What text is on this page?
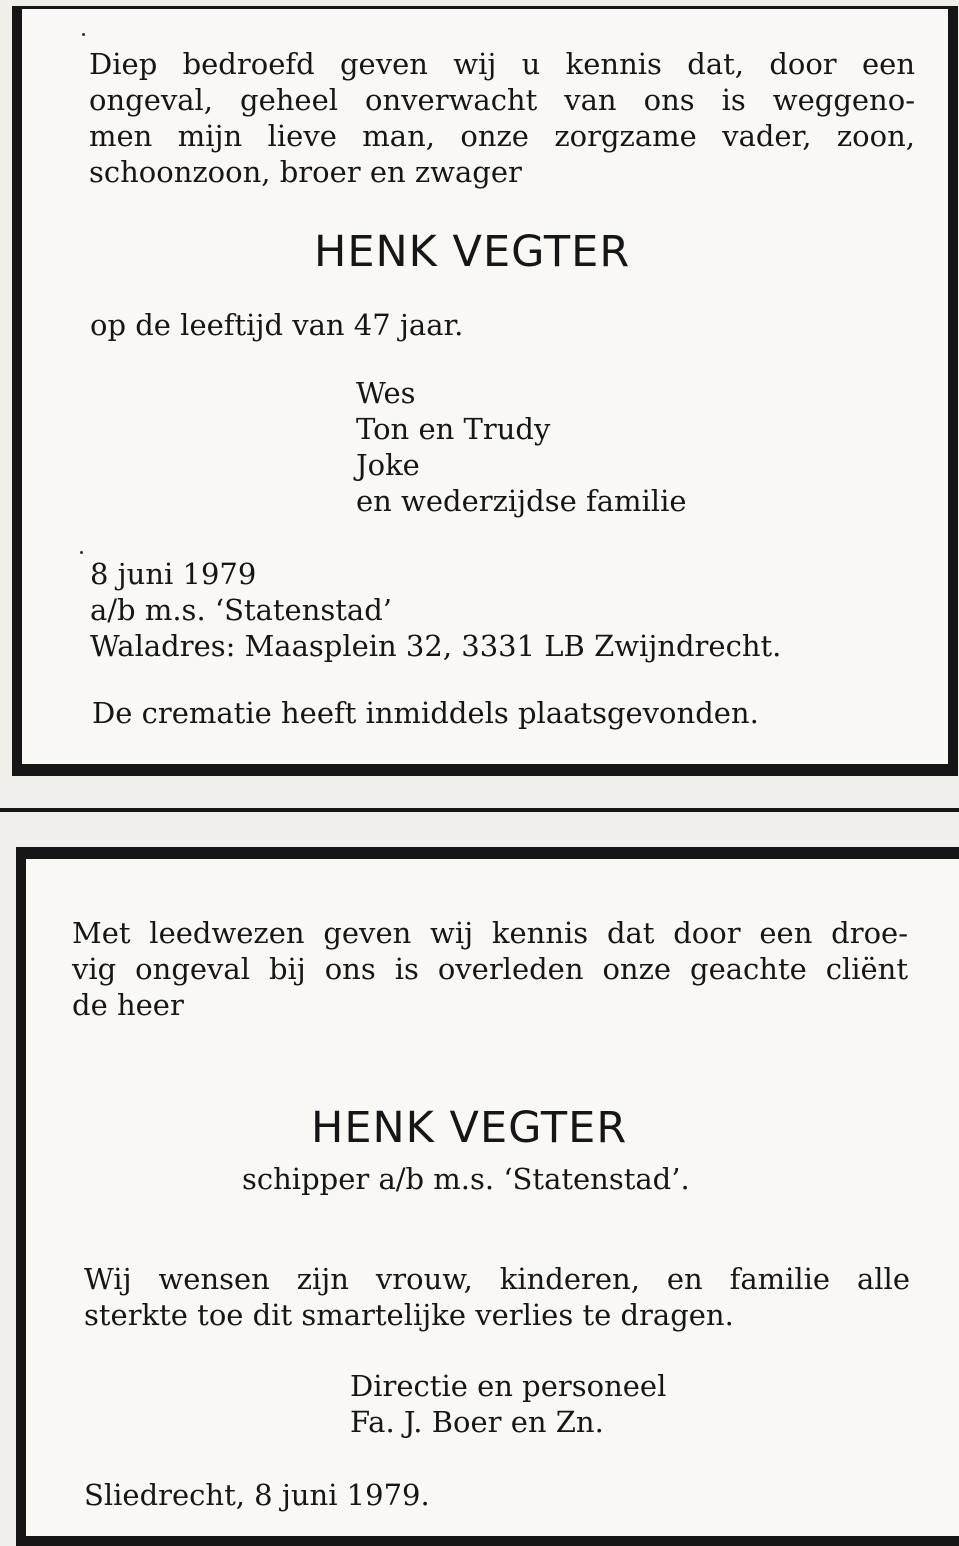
Diep bedroefd geven wij u kennis dat, door een
ongeval, geheel onverwacht van ons is weggeno-
men mijn lieve man, onze zorgzame vader, zoon,
schoonzoon, broer en zwager

HENK VEGTER

op de leeftijd van 47 jaar.

Wes
Ton en Trudy
Joke
en wederzijdse familie
8 juni 1979
a/b m.s. ‘Statenstad’
Waladres: Maasplein 32, 3331 LB Zwijndrecht.

De crematie heeft inmiddels plaatsgevonden.

Met leedwezen geven wij kennis dat door een droe-
vig ongeval bij ons is overleden onze geachte cliënt
de heer

HENK VEGTER

schipper a/b m.s. ‘Statenstad’.

Wij wensen zijn vrouw, kinderen, en familie alle
sterkte toe dit smartelijke verlies te dragen.
Directie en personeel
Fa. J. Boer en Zn.

Sliedrecht, 8 juni 1979.
